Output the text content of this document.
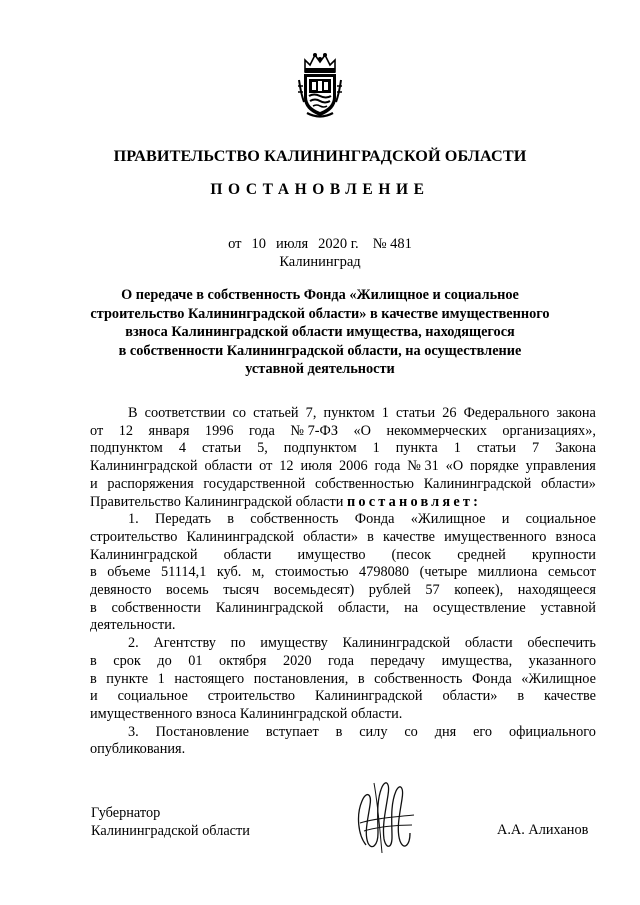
ПРАВИТЕЛЬСТВО КАЛИНИНГРАДСКОЙ ОБЛАСТИ
ПОСТАНОВЛЕНИЕ
от 10 июля 2020 г. № 481
Калининград
О передаче в собственность Фонда «Жилищное и социальное
строительство Калининградской области» в качестве имущественного
взноса Калининградской области имущества, находящегося
в собственности Калининградской области, на осуществление
уставной деятельности
В соответствии со статьей 7, пунктом 1 статьи 26 Федерального закона
от 12 января 1996 года № 7-ФЗ «О некоммерческих организациях»,
подпунктом 4 статьи 5, подпунктом 1 пункта 1 статьи 7 Закона
Калининградской области от 12 июля 2006 года № 31 «О порядке управления
и распоряжения государственной собственностью Калининградской области»
Правительство Калининградской области постановляет:
1. Передать в собственность Фонда «Жилищное и социальное
строительство Калининградской области» в качестве имущественного взноса
Калининградской области имущество (песок средней крупности
в объеме 51114,1 куб. м, стоимостью 4798080 (четыре миллиона семьсот
девяносто восемь тысяч восемьдесят) рублей 57 копеек), находящееся
в собственности Калининградской области, на осуществление уставной
деятельности.
2. Агентству по имуществу Калининградской области обеспечить
в срок до 01 октября 2020 года передачу имущества, указанного
в пункте 1 настоящего постановления, в собственность Фонда «Жилищное
и социальное строительство Калининградской области» в качестве
имущественного взноса Калининградской области.
3. Постановление вступает в силу со дня его официального
опубликования.
Губернатор
Калининградской области	А.А. Алиханов
